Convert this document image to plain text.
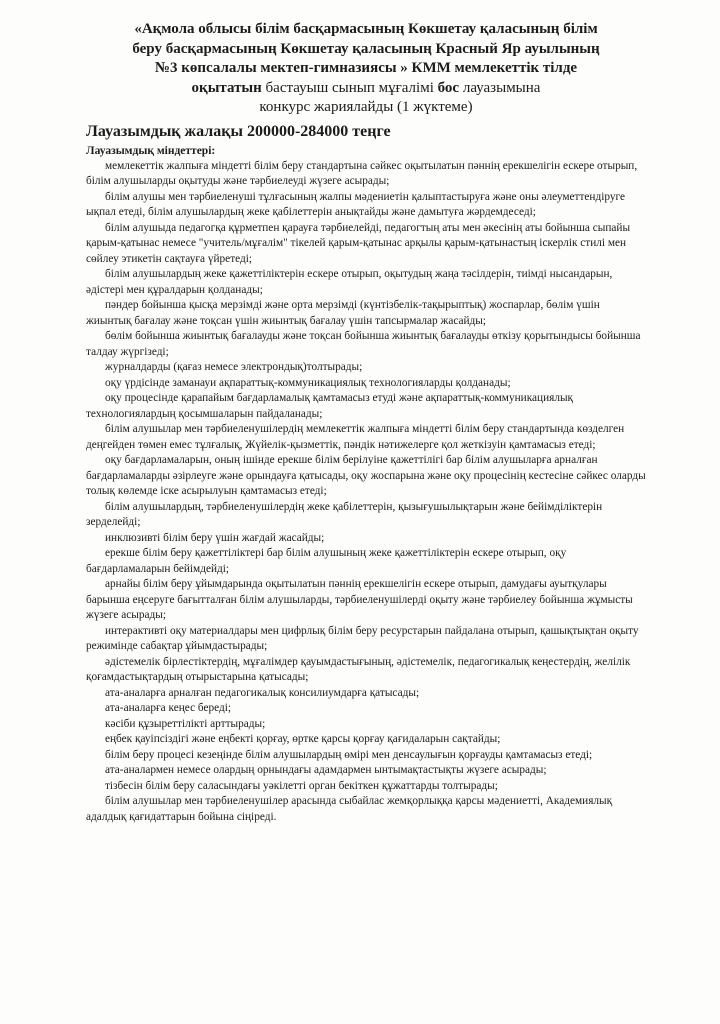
«Ақмола облысы білім басқармасының Көкшетау қаласының білім
беру басқармасының Көкшетау қаласының Красный Яр ауылының
№3 көпсалалы мектеп-гимназиясы » КММ мемлекеттік тілде
оқытатын бастауыш сынып мұғалімі бос лауазымына
конкурс жариялайды (1 жүктеме)

Лауазымдық жалақы 200000-284000 теңге

Лауазымдық міндеттері:

мемлекеттік жалпыға міндетті білім беру стандартына сәйкес оқытылатын пәннің ерекшелігін ескере отырып, білім алушыларды оқытуды және тәрбиелеуді жүзеге асырады;
білім алушы мен тәрбиеленуші тұлғасының жалпы мәдениетін қалыптастыруға және оны әлеуметтендіруге ықпал етеді, білім алушылардың жеке қабілеттерін анықтайды және дамытуға жәрдемдеседі;
білім алушыда педагогқа құрметпен қарауға тәрбиелейді, педагогтың аты мен әкесінің аты бойынша сыпайы қарым-қатынас немесе "учитель/мұғалім" тікелей қарым-қатынас арқылы қарым-қатынастың іскерлік стилі мен сөйлеу этикетін сақтауға үйретеді;
білім алушылардың жеке қажеттіліктерін ескере отырып, оқытудың жаңа тәсілдерін, тиімді нысандарын, әдістері мен құралдарын қолданады;
пәндер бойынша қысқа мерзімді және орта мерзімді (күнтізбелік-тақырыптық) жоспарлар, бөлім үшін жиынтық бағалау және тоқсан үшін жиынтық бағалау үшін тапсырмалар жасайды;
бөлім бойынша жиынтық бағалауды және тоқсан бойынша жиынтық бағалауды өткізу қорытындысы бойынша талдау жүргізеді;
журналдарды (қағаз немесе электрондық)толтырады;
оқу үрдісінде заманауи ақпараттық-коммуникациялық технологияларды қолданады;
оқу процесінде қарапайым бағдарламалық қамтамасыз етуді және ақпараттық-коммуникациялық технологиялардың қосымшаларын пайдаланады;
білім алушылар мен тәрбиеленушілердің мемлекеттік жалпыға міндетті білім беру стандартында көзделген деңгейден төмен емес тұлғалық, Жүйелік-қызметтік, пәндік нәтижелерге қол жеткізуін қамтамасыз етеді;
оқу бағдарламаларын, оның ішінде ерекше білім берілуіне қажеттілігі бар білім алушыларға арналған бағдарламаларды әзірлеуге және орындауға қатысады, оқу жоспарына және оқу процесінің кестесіне сәйкес оларды толық көлемде іске асырылуын қамтамасыз етеді;
білім алушылардың, тәрбиеленушілердің жеке қабілеттерін, қызығушылықтарын және бейімділіктерін зерделейді;
инклюзивті білім беру үшін жағдай жасайды;
ерекше білім беру қажеттіліктері бар білім алушының жеке қажеттіліктерін ескере отырып, оқу бағдарламаларын бейімдейді;
арнайы білім беру ұйымдарында оқытылатын пәннің ерекшелігін ескере отырып, дамудағы ауытқулары барынша еңсеруге бағытталған білім алушыларды, тәрбиеленушілерді оқыту және тәрбиелеу бойынша жұмысты жүзеге асырады;
интерактивті оқу материалдары мен цифрлық білім беру ресурстарын пайдалана отырып, қашықтықтан оқыту режимінде сабақтар ұйымдастырады;
әдістемелік бірлестіктердің, мұғалімдер қауымдастығының, әдістемелік, педагогикалық кеңестердің, желілік қоғамдастықтардың отырыстарына қатысады;
ата-аналарға арналған педагогикалық консилиумдарға қатысады;
ата-аналарға кеңес береді;
кәсіби құзыреттілікті арттырады;
еңбек қауіпсіздігі және еңбекті қорғау, өртке қарсы қорғау қағидаларын сақтайды;
білім беру процесі кезеңінде білім алушылардың өмірі мен денсаулығын қорғауды қамтамасыз етеді;
ата-аналармен немесе олардың орнындағы адамдармен ынтымақтастықты жүзеге асырады;
тізбесін білім беру саласындағы уәкілетті орган бекіткен құжаттарды толтырады;
білім алушылар мен тәрбиеленушілер арасында сыбайлас жемқорлыққа қарсы мәдениетті, Академиялық адалдық қағидаттарын бойына сіңіреді.
